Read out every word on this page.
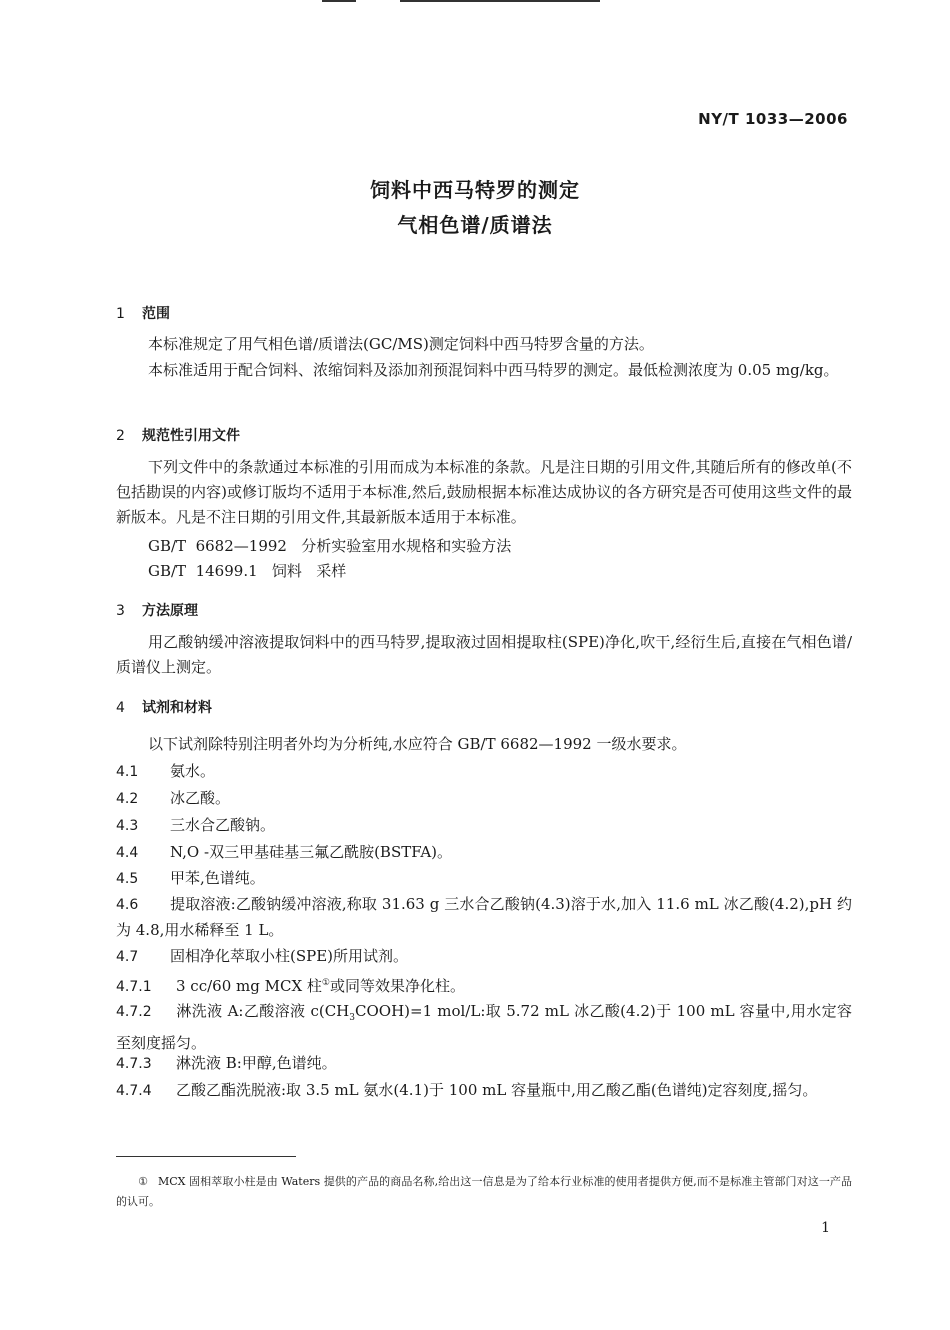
NY/T 1033—2006
饲料中西马特罗的测定
气相色谱/质谱法
1 范围
本标准规定了用气相色谱/质谱法(GC/MS)测定饲料中西马特罗含量的方法。
本标准适用于配合饲料、浓缩饲料及添加剂预混饲料中西马特罗的测定。最低检测浓度为 0.05 mg/kg。
2 规范性引用文件
下列文件中的条款通过本标准的引用而成为本标准的条款。凡是注日期的引用文件,其随后所有的修改单(不包括勘误的内容)或修订版均不适用于本标准,然后,鼓励根据本标准达成协议的各方研究是否可使用这些文件的最新版本。凡是不注日期的引用文件,其最新版本适用于本标准。
GB/T  6682—1992   分析实验室用水规格和实验方法
GB/T  14699.1   饲料   采样
3 方法原理
用乙酸钠缓冲溶液提取饲料中的西马特罗,提取液过固相提取柱(SPE)净化,吹干,经衍生后,直接在气相色谱/质谱仪上测定。
4 试剂和材料
以下试剂除特别注明者外均为分析纯,水应符合 GB/T 6682—1992 一级水要求。
4.1 氨水。
4.2 冰乙酸。
4.3 三水合乙酸钠。
4.4 N,O -双三甲基硅基三氟乙酰胺(BSTFA)。
4.5 甲苯,色谱纯。
4.6 提取溶液:乙酸钠缓冲溶液,称取 31.63 g 三水合乙酸钠(4.3)溶于水,加入 11.6 mL 冰乙酸(4.2),pH 约为 4.8,用水稀释至 1 L。
4.7 固相净化萃取小柱(SPE)所用试剂。
4.7.1 3 cc/60 mg MCX 柱①或同等效果净化柱。
4.7.2 淋洗液 A:乙酸溶液 $c(CH_3COOH)=1$ mol/L:取 5.72 mL 冰乙酸(4.2)于 100 mL 容量中,用水定容至刻度摇匀。
4.7.3 淋洗液 B:甲醇,色谱纯。
4.7.4 乙酸乙酯洗脱液:取 3.5 mL 氨水(4.1)于 100 mL 容量瓶中,用乙酸乙酯(色谱纯)定容刻度,摇匀。
① MCX 固相萃取小柱是由 Waters 提供的产品的商品名称,给出这一信息是为了给本行业标准的使用者提供方便,而不是标准主管部门对这一产品的认可。
1
